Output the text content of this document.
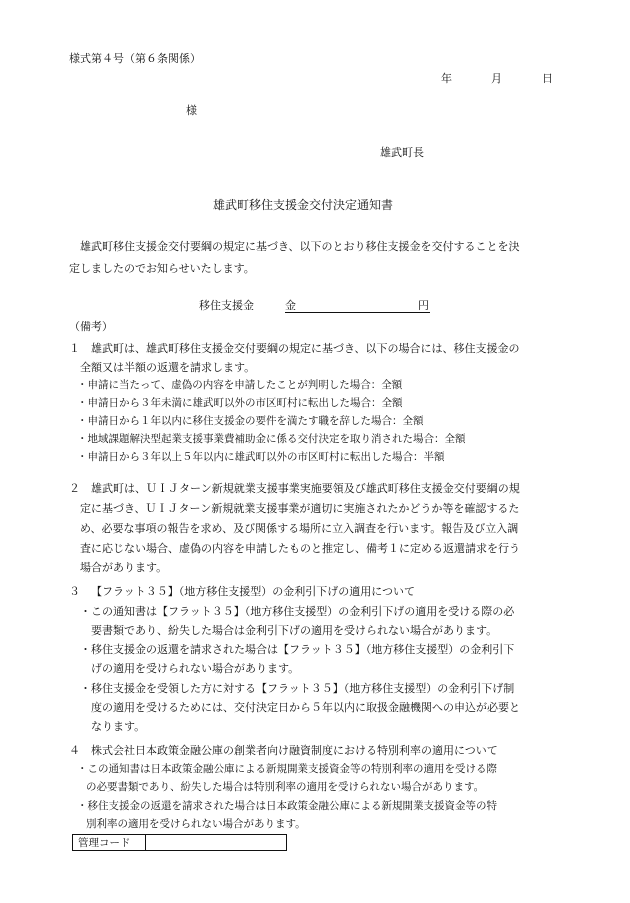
様式第４号（第６条関係）
年	月	日
様
雄武町長
雄武町移住支援金交付決定通知書
雄武町移住支援金交付要綱の規定に基づき、以下のとおり移住支援金を交付することを決
定しましたのでお知らせいたします。
移住支援金	金	円
（備考）
１ 雄武町は、雄武町移住支援金交付要綱の規定に基づき、以下の場合には、移住支援金の
全額又は半額の返還を請求します。
・申請に当たって、虚偽の内容を申請したことが判明した場合：全額
・申請日から３年未満に雄武町以外の市区町村に転出した場合：全額
・申請日から１年以内に移住支援金の要件を満たす職を辞した場合：全額
・地域課題解決型起業支援事業費補助金に係る交付決定を取り消された場合：全額
・申請日から３年以上５年以内に雄武町以外の市区町村に転出した場合：半額
２ 雄武町は、ＵＩＪターン新規就業支援事業実施要領及び雄武町移住支援金交付要綱の規
定に基づき、ＵＩＪターン新規就業支援事業が適切に実施されたかどうか等を確認するた
め、必要な事項の報告を求め、及び関係する場所に立入調査を行います。報告及び立入調
査に応じない場合、虚偽の内容を申請したものと推定し、備考１に定める返還請求を行う
場合があります。
３ 【フラット３５】（地方移住支援型）の金利引下げの適用について
・この通知書は【フラット３５】（地方移住支援型）の金利引下げの適用を受ける際の必
要書類であり、紛失した場合は金利引下げの適用を受けられない場合があります。
・移住支援金の返還を請求された場合は【フラット３５】（地方移住支援型）の金利引下
げの適用を受けられない場合があります。
・移住支援金を受領した方に対する【フラット３５】（地方移住支援型）の金利引下げ制
度の適用を受けるためには、交付決定日から５年以内に取扱金融機関への申込が必要と
なります。
４ 株式会社日本政策金融公庫の創業者向け融資制度における特別利率の適用について
・この通知書は日本政策金融公庫による新規開業支援資金等の特別利率の適用を受ける際
の必要書類であり、紛失した場合は特別利率の適用を受けられない場合があります。
・移住支援金の返還を請求された場合は日本政策金融公庫による新規開業支援資金等の特
別利率の適用を受けられない場合があります。
管理コード	
